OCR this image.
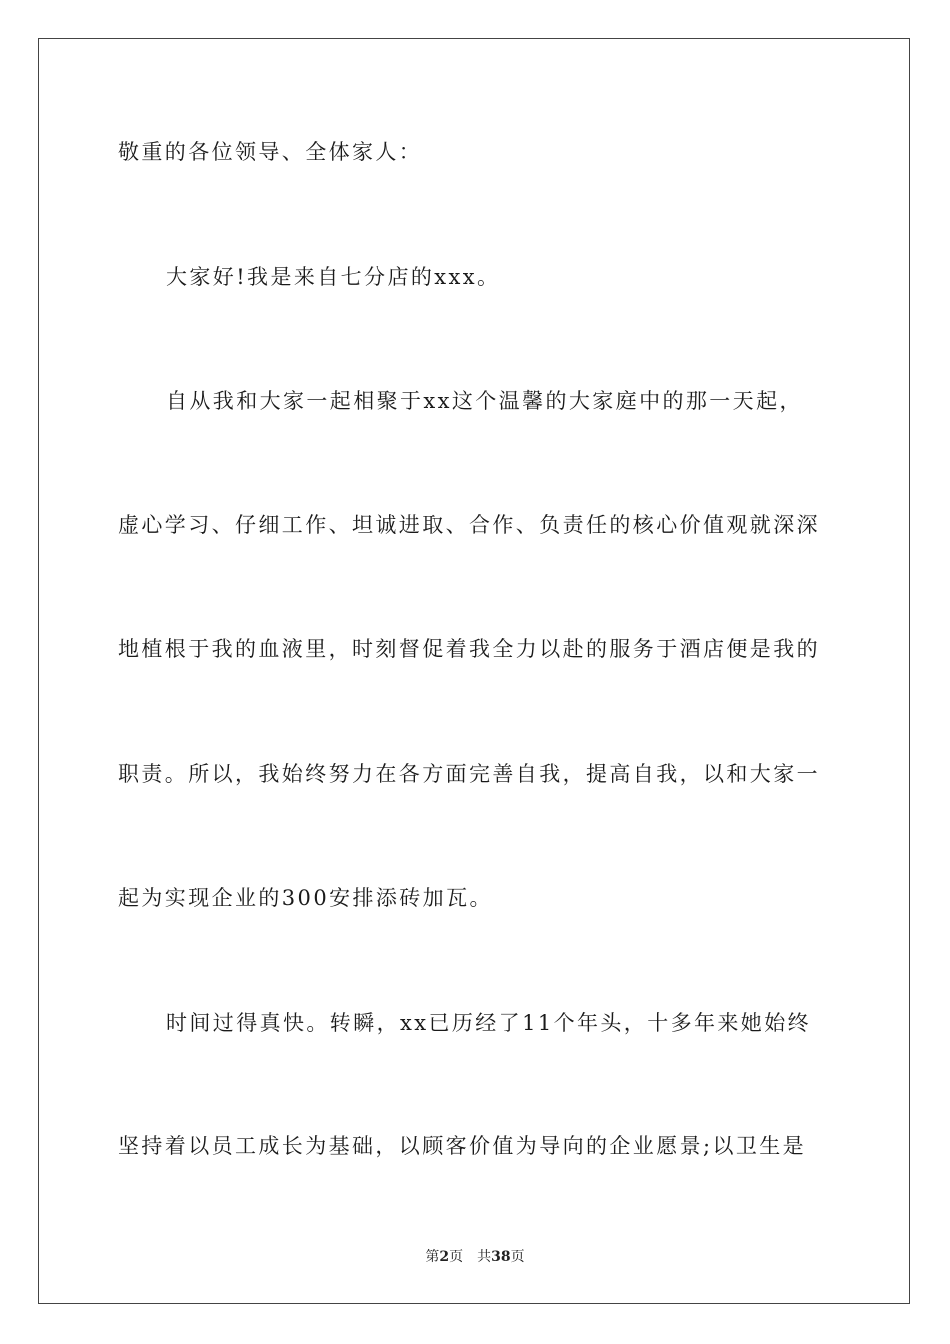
敬重的各位领导、全体家人：
大家好!我是来自七分店的xxx。
自从我和大家一起相聚于xx这个温馨的大家庭中的那一天起，
虚心学习、仔细工作、坦诚进取、合作、负责任的核心价值观就深深
地植根于我的血液里，时刻督促着我全力以赴的服务于酒店便是我的
职责。所以，我始终努力在各方面完善自我，提高自我，以和大家一
起为实现企业的300安排添砖加瓦。
时间过得真快。转瞬，xx已历经了11个年头，十多年来她始终
坚持着以员工成长为基础，以顾客价值为导向的企业愿景;以卫生是
第2页 共38页
